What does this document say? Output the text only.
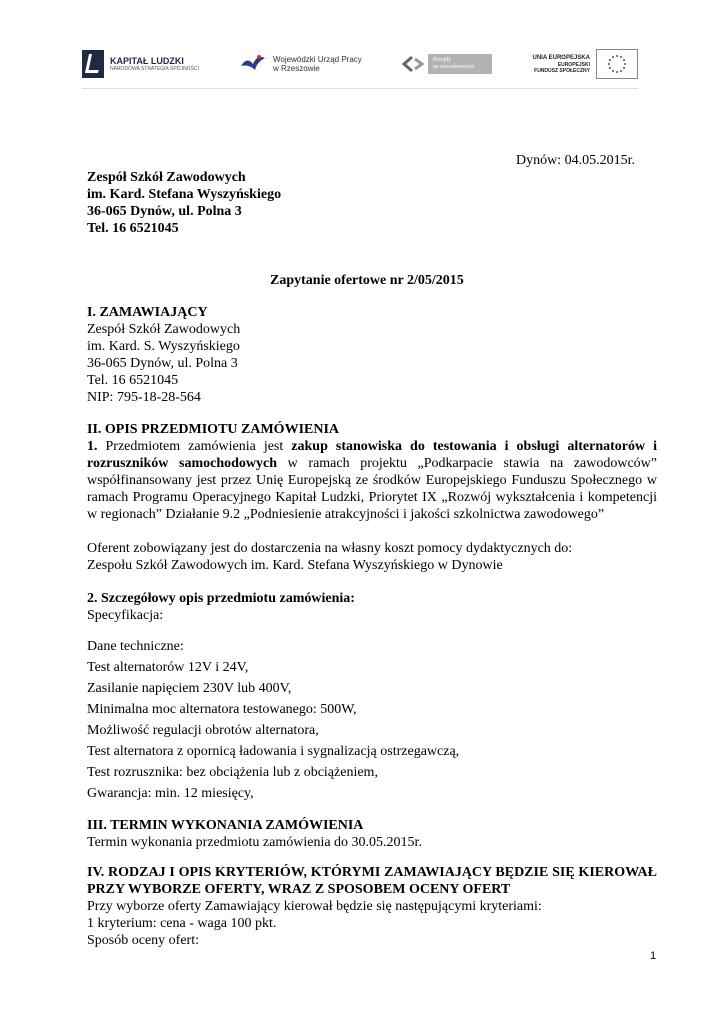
KAPITAŁ LUDZKI
NARODOWA STRATEGIA SPÓJNOŚCI
Wojewódzki Urząd Pracy
w Rzeszowie
Przejdź
na zawodowstwo
UNIA EUROPEJSKA
EUROPEJSKI
FUNDUSZ SPOŁECZNY
Dynów: 04.05.2015r.
Zespół Szkół Zawodowych
im. Kard. Stefana Wyszyńskiego
36-065 Dynów, ul. Polna 3
Tel. 16 6521045
Zapytanie ofertowe nr 2/05/2015
I. ZAMAWIAJĄCY
Zespół Szkół Zawodowych
im. Kard. S. Wyszyńskiego
36-065 Dynów, ul. Polna 3
Tel. 16 6521045
NIP: 795-18-28-564
II. OPIS PRZEDMIOTU ZAMÓWIENIA
1. Przedmiotem zamówienia jest zakup stanowiska do testowania i obsługi alternatorów i rozruszników samochodowych w ramach projektu „Podkarpacie stawia na zawodowców” współfinansowany jest przez Unię Europejską ze środków Europejskiego Funduszu Społecznego w ramach Programu Operacyjnego Kapitał Ludzki, Priorytet IX „Rozwój wykształcenia i kompetencji w regionach” Działanie 9.2 „Podniesienie atrakcyjności i jakości szkolnictwa zawodowego”
Oferent zobowiązany jest do dostarczenia na własny koszt pomocy dydaktycznych do:
Zespołu Szkół Zawodowych im. Kard. Stefana Wyszyńskiego w Dynowie
2. Szczegółowy opis przedmiotu zamówienia:
Specyfikacja:
Dane techniczne:
Test alternatorów 12V i 24V,
Zasilanie napięciem 230V lub 400V,
Minimalna moc alternatora testowanego: 500W,
Możliwość regulacji obrotów alternatora,
Test alternatora z opornicą ładowania i sygnalizacją ostrzegawczą,
Test rozrusznika: bez obciążenia lub z obciążeniem,
Gwarancja: min. 12 miesięcy,
III. TERMIN WYKONANIA ZAMÓWIENIA
Termin wykonania przedmiotu zamówienia do 30.05.2015r.
IV. RODZAJ I OPIS KRYTERIÓW, KTÓRYMI ZAMAWIAJĄCY BĘDZIE SIĘ KIEROWAŁ PRZY WYBORZE OFERTY, WRAZ Z SPOSOBEM OCENY OFERT
Przy wyborze oferty Zamawiający kierował będzie się następującymi kryteriami:
1 kryterium: cena - waga 100 pkt.
Sposób oceny ofert:
1
